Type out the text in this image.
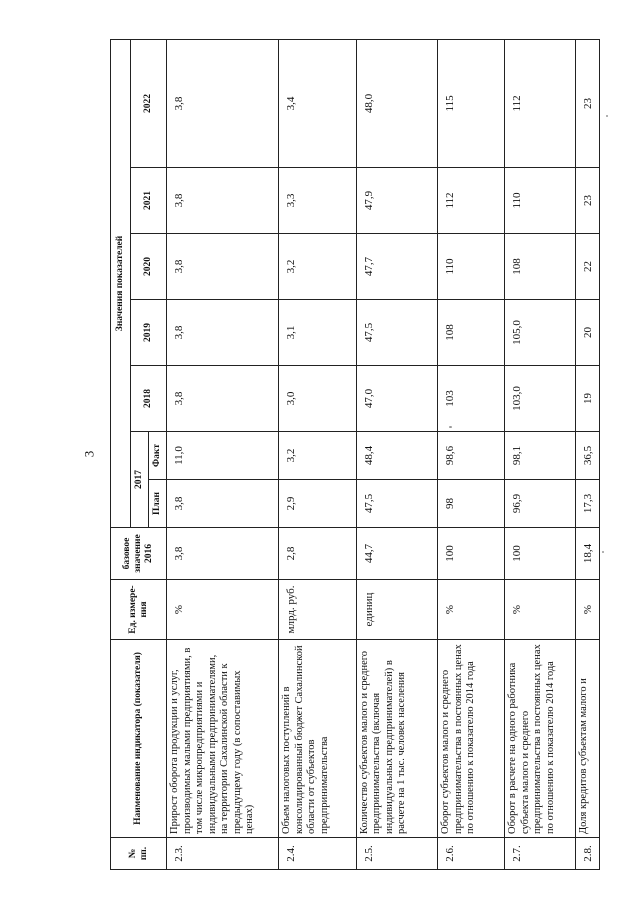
3
№ пп.	Наименование индикатора (показателя)	Ед. измере-ния	базовое значение 2016	Значения показателей						
				2017		2018	2019	2020	2021	2022
				План	Факт					
2.3.	Прирост оборота продукции и услуг, производимых малыми предприятиями, в том числе микропредприятиями и индивидуальными предпринимателями, на территории Сахалинской области к предыдущему году (в сопоставимых ценах)	%	3,8	3,8	11,0	3,8	3,8	3,8	3,8	3,8
2.4.	Объем налоговых поступлений в консолидированный бюджет Сахалинской области от субъектов предпринимательства	млрд. руб.	2,8	2,9	3,2	3,0	3,1	3,2	3,3	3,4
2.5.	Количество субъектов малого и среднего предпринимательства (включая индивидуальных предпринимателей) в расчете на 1 тыс. человек населения	единиц	44,7	47,5	48,4	47,0	47,5	47,7	47,9	48,0
2.6.	Оборот субъектов малого и среднего предпринимательства в постоянных ценах по отношению к показателю 2014 года	%	100	98	98,6	103	108	110	112	115
2.7.	Оборот в расчете на одного работника субъекта малого и среднего предпринимательства в постоянных ценах по отношению к показателю 2014 года	%	100	96,9	98,1	103,0	105,0	108	110	112
2.8.	Доля кредитов субъектам малого и	%	18,4	17,3	36,5	19	20	22	23	23
